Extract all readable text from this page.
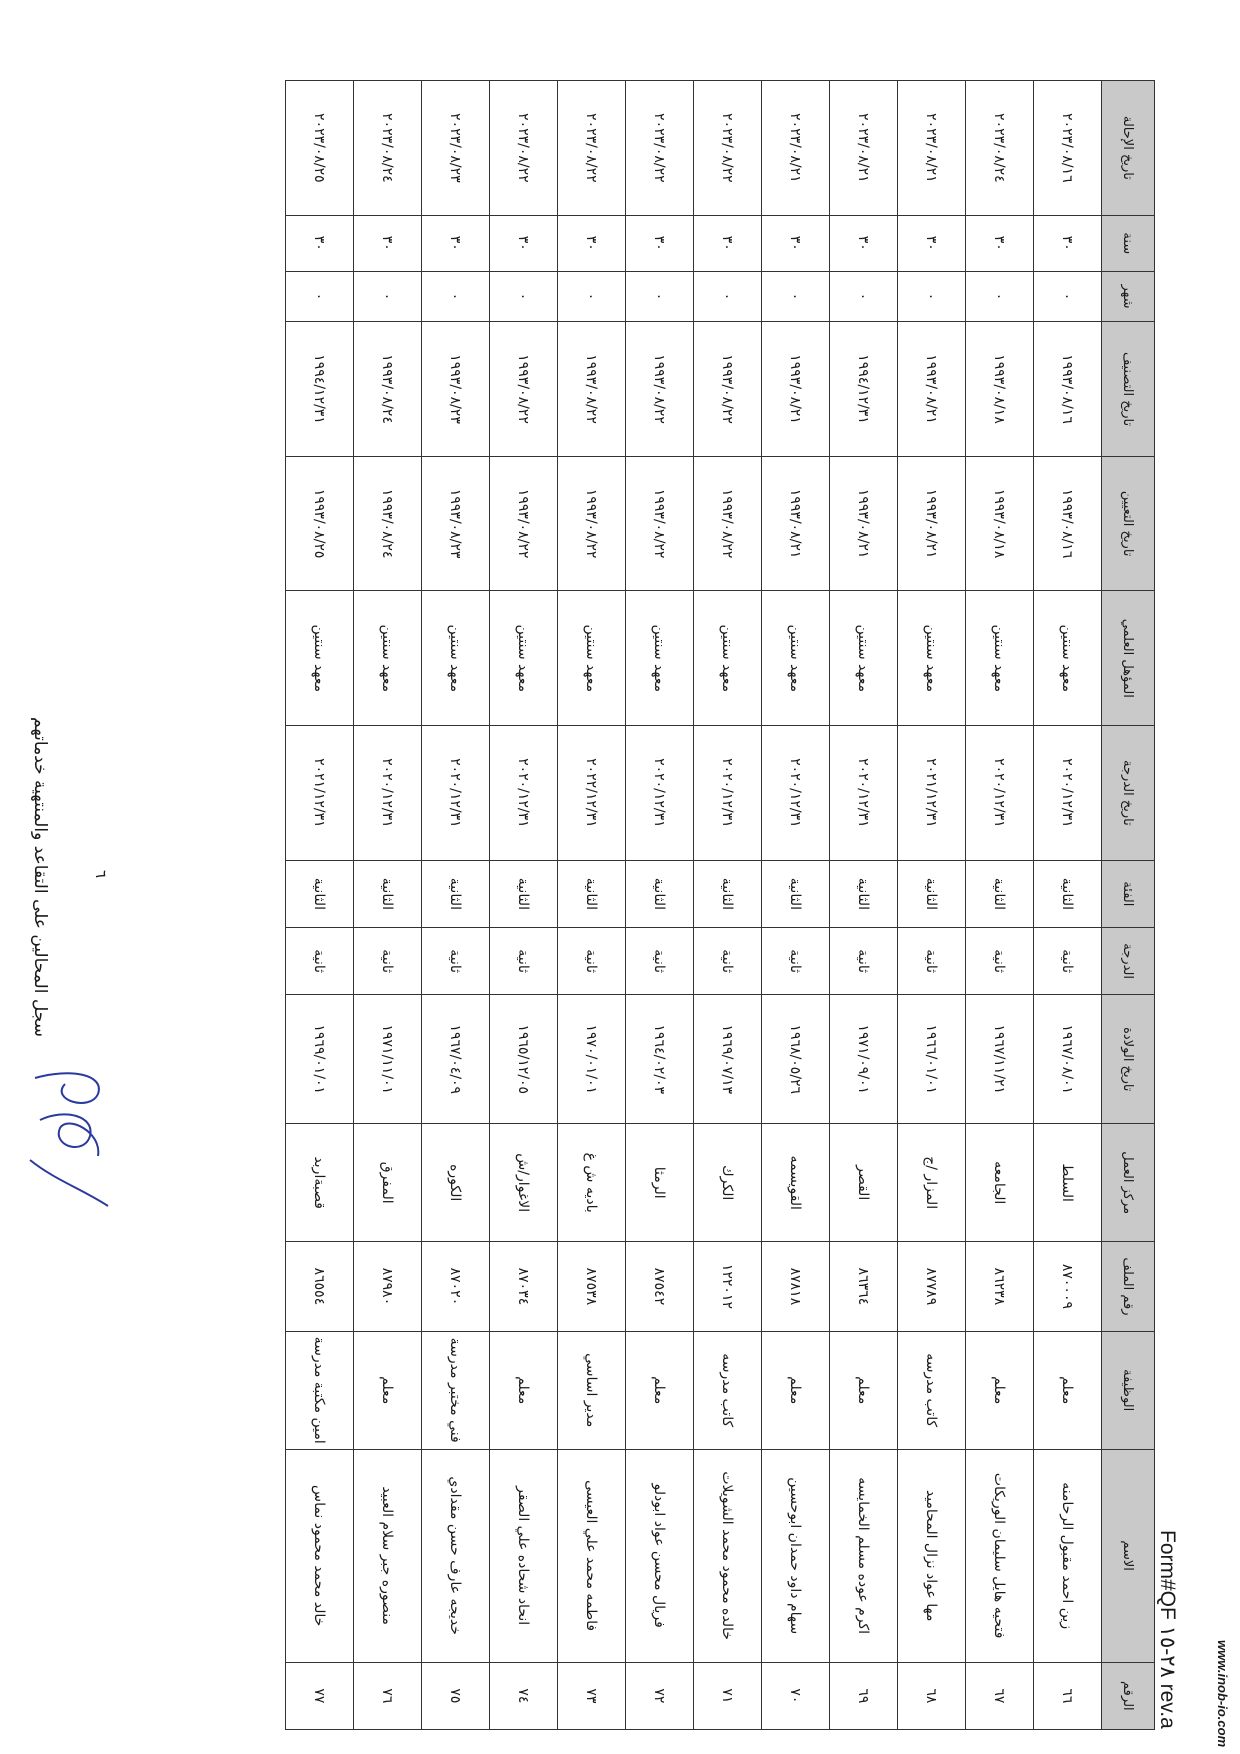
سجل المحالين على التقاعد والمنتهية خدماتهم
الرقم	الاسم	الوظيفة	رقم الملف	مركز العمل	تاريخ الولادة	الدرجة	الفئة	تاريخ الدرجة	المؤهل العلمي	تاريخ التعيين	تاريخ التصنيف	شهر	سنة	تاريخ الإحالة
٦٦	زين احمد مقبول الرحامنه	معلم	٨٧٠٠٠٩	السلط	١٩٦٧/٠٨/٠١	ثانية	الثانية	٢٠٢٠/١٢/٣١	معهد سنتين	١٩٩٣/٠٨/١٦	١٩٩٣/٠٨/١٦	٠	٣٠	٢٠٢٣/٠٨/١٦
٦٧	فتحيه هايل سليمان الوريكات	معلم	٨٦٢٣٨	الجامعه	١٩٦٧/١١/٢١	ثانية	الثانية	٢٠٢٠/١٢/٣١	معهد سنتين	١٩٩٣/٠٨/١٨	١٩٩٣/٠٨/١٨	٠	٣٠	٢٠٢٣/٠٨/٢٤
٦٨	مها عواد نزال المحاميد	كاتب مدرسه	٨٧٧٨٩	المزار /ج	١٩٦٦/٠١/٠١	ثانية	الثانية	٢٠٢١/١٢/٣١	معهد سنتين	١٩٩٣/٠٨/٢١	١٩٩٣/٠٨/٢١	٠	٣٠	٢٠٢٣/٠٨/٢١
٦٩	اكرم عوده مسلم الخمايسه	معلم	٨٦٣٦٤	القصر	١٩٧١/٠٩/٠١	ثانية	الثانية	٢٠٢٠/١٢/٣١	معهد سنتين	١٩٩٣/٠٨/٢١	١٩٩٤/١٢/٣١	٠	٣٠	٢٠٢٣/٠٨/٢١
٧٠	سهام داود حمدان ابوحسين	معلم	٨٧٨١٨	القويسمه	١٩٦٨/٠٥/٢٦	ثانية	الثانية	٢٠٢٠/١٢/٣١	معهد سنتين	١٩٩٣/٠٨/٢١	١٩٩٣/٠٨/٢١	٠	٣٠	٢٠٢٣/٠٨/٢١
٧١	خالده محمود محمد الشويلات	كاتب مدرسه	١٢٢٠١٢	الكرك	١٩٦٩/٠٧/١٣	ثانية	الثانية	٢٠٢٠/١٢/٣١	معهد سنتين	١٩٩٣/٠٨/٢٢	١٩٩٣/٠٨/٢٢	٠	٣٠	٢٠٢٣/٠٨/٢٢
٧٢	فريال محسن عواد ابودلو	معلم	٨٧٥٤٢	الرمثا	١٩٦٤/٠٢/٠٣	ثانية	الثانية	٢٠٢٠/١٢/٣١	معهد سنتين	١٩٩٣/٠٨/٢٢	١٩٩٣/٠٨/٢٢	٠	٣٠	٢٠٢٣/٠٨/٢٢
٧٣	فاطمه محمد علي العيسى	مدير اساسي	٨٧٥٣٨	باديه ش غ	١٩٧٠/٠١/٠١	ثانية	الثانية	٢٠٢٢/١٢/٣١	معهد سنتين	١٩٩٣/٠٨/٢٢	١٩٩٣/٠٨/٢٢	٠	٣٠	٢٠٢٣/٠٨/٢٢
٧٤	انحاد شحاده علي الصقر	معلم	٨٧٠٣٤	الاغوار/ش	١٩٦٥/١٢/٠٥	ثانية	الثانية	٢٠٢٠/١٢/٣١	معهد سنتين	١٩٩٣/٠٨/٢٢	١٩٩٣/٠٨/٢٢	٠	٣٠	٢٠٢٣/٠٨/٢٢
٧٥	خديجه عارف حسن مقدادي	فني مختبر مدرسة	٨٧٠٢٠	الكوره	١٩٦٧/٠٤/٠٩	ثانية	الثانية	٢٠٢٠/١٢/٣١	معهد سنتين	١٩٩٣/٠٨/٢٣	١٩٩٣/٠٨/٢٣	٠	٣٠	٢٠٢٣/٠٨/٢٣
٧٦	منصوره جبر سلام العبيد	معلم	٨٧٩٨٠	المفرق	١٩٧١/١١/٠١	ثانية	الثانية	٢٠٢٠/١٢/٣١	معهد سنتين	١٩٩٣/٠٨/٢٤	١٩٩٣/٠٨/٢٤	٠	٣٠	٢٠٢٣/٠٨/٢٤
٧٧	خالد محمد محمود نماس	امين مكتبة مدرسة	٨٦٥٥٤	قصبةاربد	١٩٦٩/٠١/٠١	ثانية	الثانية	٢٠٢١/١٢/٣١	معهد سنتين	١٩٩٣/٠٨/٢٥	١٩٩٤/١٢/٣١	٠	٣٠	٢٠٢٣/٠٨/٢٥
٦
Form#QF ٢٨-١٥ rev.a	www.inob-io.com
